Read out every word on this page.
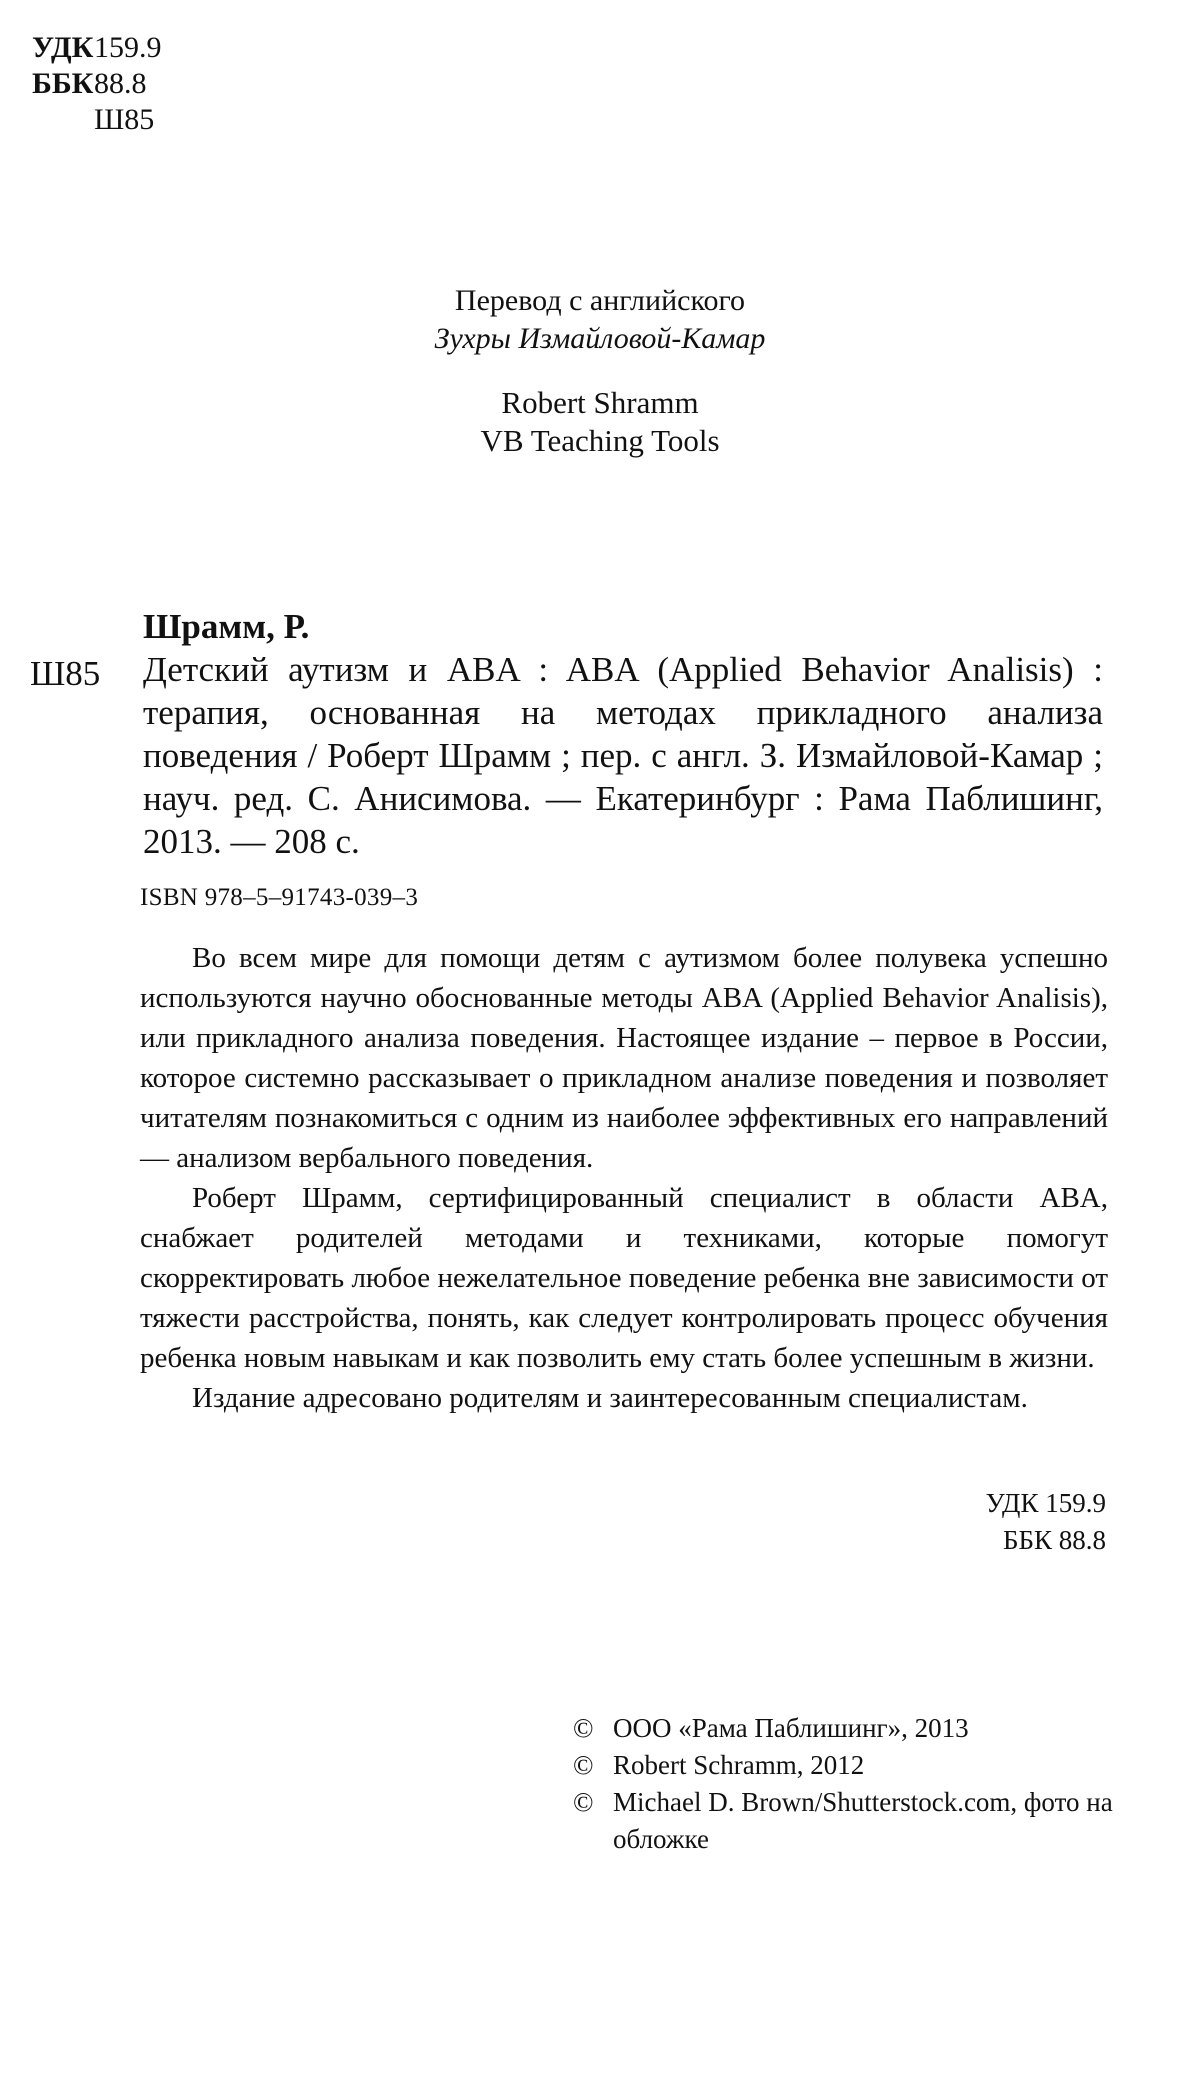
УДК159.9
ББК88.8
Ш85
Перевод с английского
Зухры Измайловой-Камар
Robert Shramm
VB Teaching Tools
Шрамм, Р.
Ш85 Детский аутизм и ABA : ABA (Applied Behavior Analisis) : терапия, основанная на методах прикладного анализа поведения / Роберт Шрамм ; пер. с англ. З. Измайловой-Камар ; науч. ред. С. Анисимова. — Екатеринбург : Рама Паблишинг, 2013. — 208 с.
ISBN 978–5–91743-039–3

Во всем мире для помощи детям с аутизмом более полувека успешно используются научно обоснованные методы ABA (Applied Behavior Analisis), или прикладного анализа поведения. Настоящее издание – первое в России, которое системно рассказывает о прикладном анализе поведения и позволяет читателям познакомиться с одним из наиболее эффективных его направлений — анализом вербального поведения.

Роберт Шрамм, сертифицированный специалист в области ABA, снабжает родителей методами и техниками, которые помогут скорректировать любое нежелательное поведение ребенка вне зависимости от тяжести расстройства, понять, как следует контролировать процесс обучения ребенка новым навыкам и как позволить ему стать более успешным в жизни.

Издание адресовано родителям и заинтересованным специалистам.

УДК 159.9
ББК 88.8
© ООО «Рама Паблишинг», 2013
© Robert Schramm, 2012
© Michael D. Brown/Shutterstock.com, фото на обложке
